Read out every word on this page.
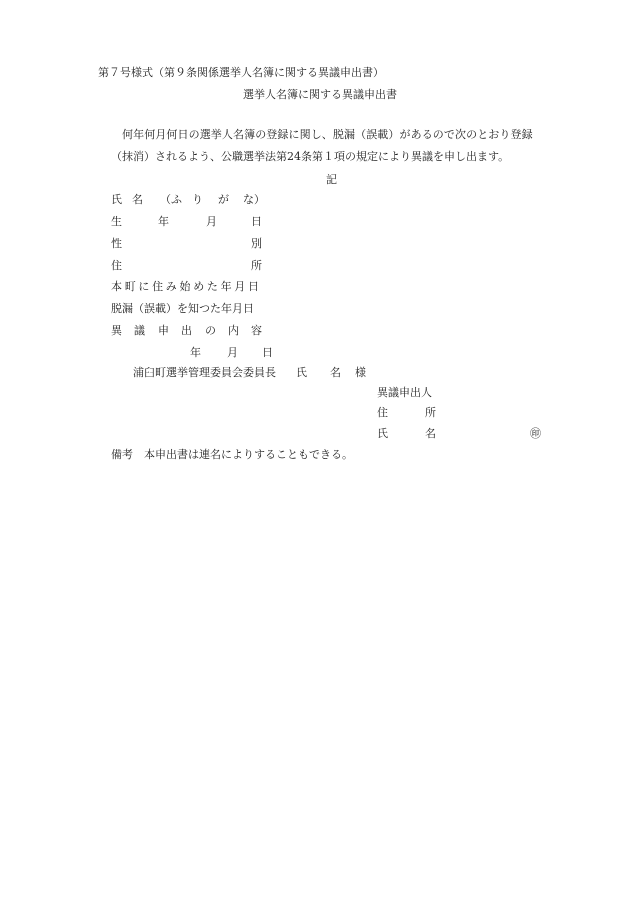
第７号様式（第９条関係選挙人名簿に関する異議申出書）
選挙人名簿に関する異議申出書
何年何月何日の選挙人名簿の登録に関し、脱漏（誤載）があるので次のとおり登録
（抹消）されるよう、公職選挙法第24条第１項の規定により異議を申し出ます。
記
氏 名 （ふ り が な）
生	年	月	日
性	別
住	所
本町に住み始めた年月日
脱漏（誤載）を知つた年月日
異 議 申 出 の 内 容
年 月 日
浦臼町選挙管理委員会委員長 氏 名 様
異議申出人
住	所
氏	名	㊞
備考　本申出書は連名によりすることもできる。
